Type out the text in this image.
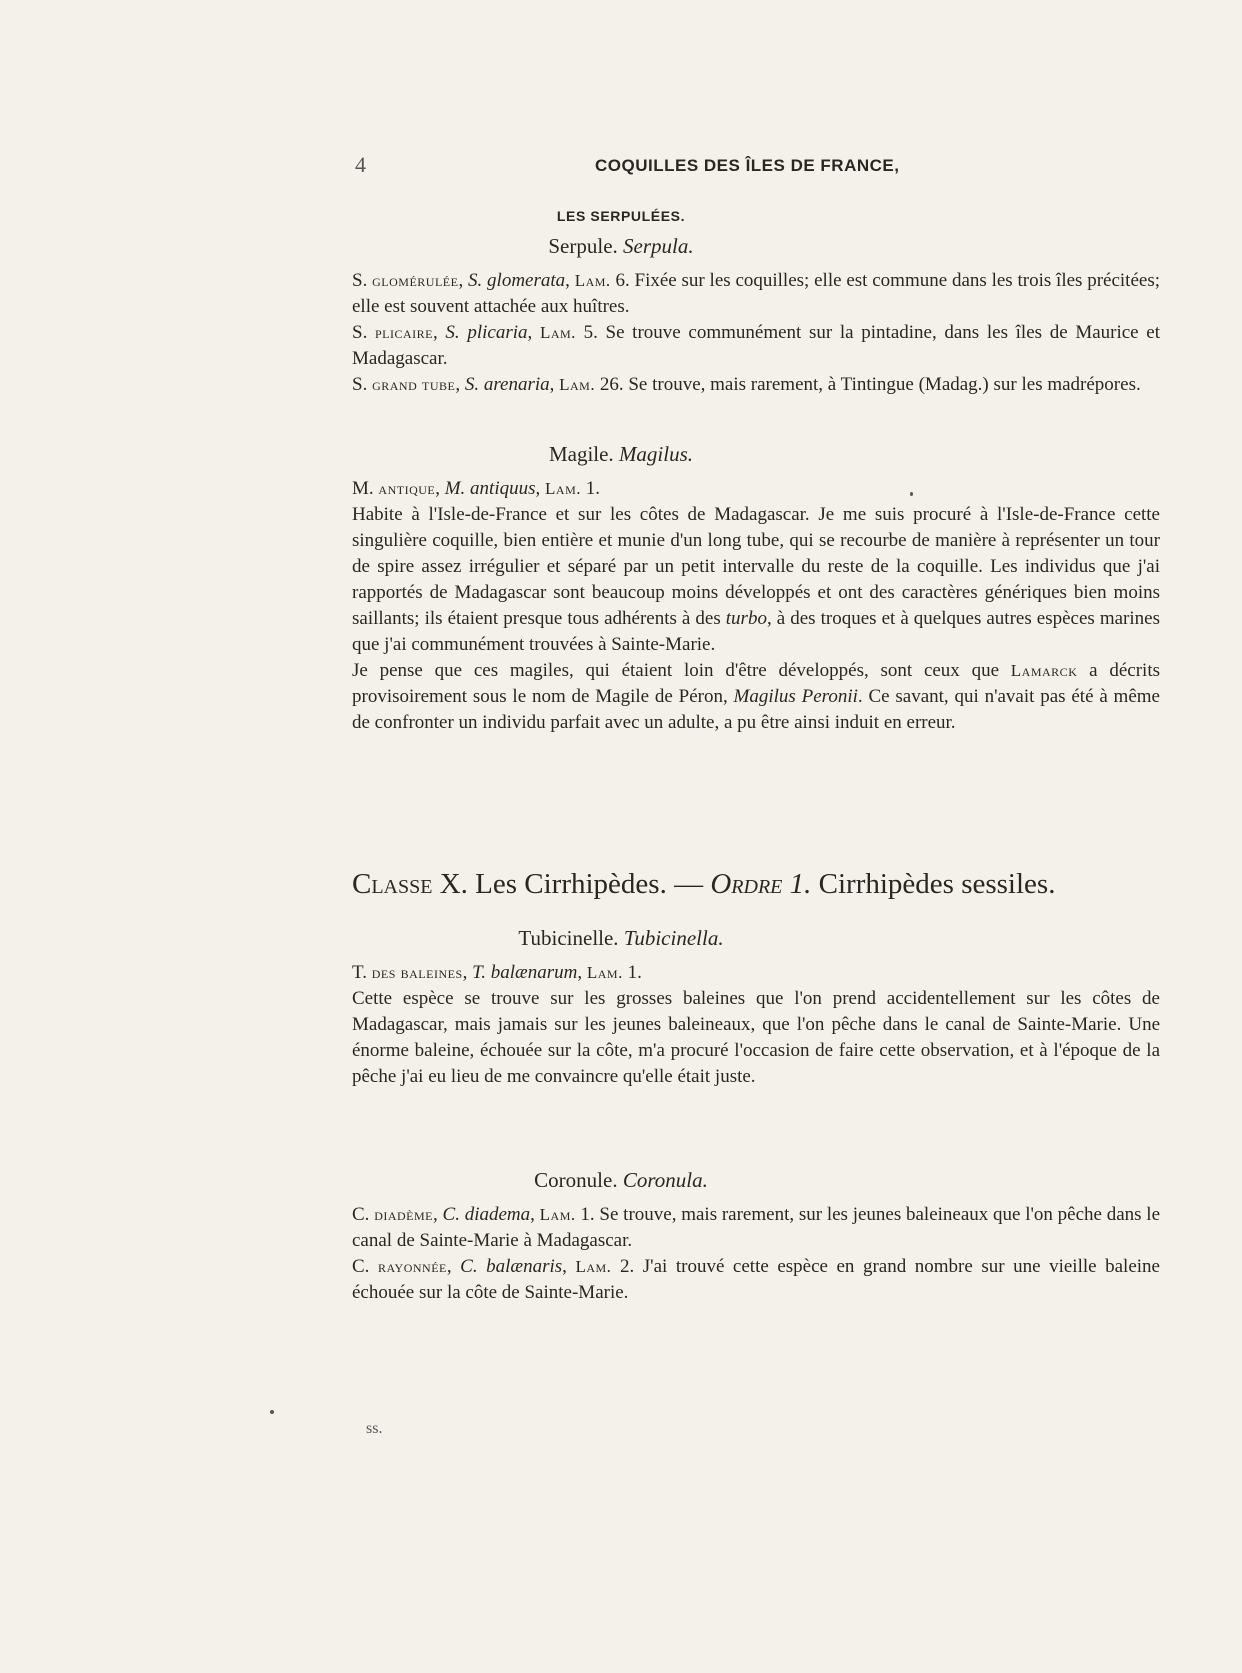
4	COQUILLES DES ÎLES DE FRANCE,
LES SERPULÉES.
Serpule. Serpula.

S. glomérulée, S. glomerata, Lam. 6. Fixée sur les coquilles; elle est commune dans les trois îles précitées; elle est souvent attachée aux huîtres.

S. plicaire, S. plicaria, Lam. 5. Se trouve communément sur la pintadine, dans les îles de Maurice et Madagascar.

S. grand tube, S. arenaria, Lam. 26. Se trouve, mais rarement, à Tintingue (Madag.) sur les madrépores.

Magile. Magilus.

M. antique, M. antiquus, Lam. 1.

Habite à l'Isle-de-France et sur les côtes de Madagascar. Je me suis procuré à l'Isle-de-France cette singulière coquille, bien entière et munie d'un long tube, qui se recourbe de manière à représenter un tour de spire assez irrégulier et séparé par un petit intervalle du reste de la coquille. Les individus que j'ai rapportés de Madagascar sont beaucoup moins développés et ont des caractères génériques bien moins saillants; ils étaient presque tous adhérents à des turbo, à des troques et à quelques autres espèces marines que j'ai communément trouvées à Sainte-Marie.

Je pense que ces magiles, qui étaient loin d'être développés, sont ceux que Lamarck a décrits provisoirement sous le nom de Magile de Péron, Magilus Peronii. Ce savant, qui n'avait pas été à même de confronter un individu parfait avec un adulte, a pu être ainsi induit en erreur.

Classe X. Les Cirrhipèdes. — Ordre 1. Cirrhipèdes sessiles.
Tubicinelle. Tubicinella.

T. des baleines, T. balænarum, Lam. 1.

Cette espèce se trouve sur les grosses baleines que l'on prend accidentellement sur les côtes de Madagascar, mais jamais sur les jeunes baleineaux, que l'on pêche dans le canal de Sainte-Marie. Une énorme baleine, échouée sur la côte, m'a procuré l'occasion de faire cette observation, et à l'époque de la pêche j'ai eu lieu de me convaincre qu'elle était juste.

Coronule. Coronula.

C. diadème, C. diadema, Lam. 1. Se trouve, mais rarement, sur les jeunes baleineaux que l'on pêche dans le canal de Sainte-Marie à Madagascar.

C. rayonnée, C. balænaris, Lam. 2. J'ai trouvé cette espèce en grand nombre sur une vieille baleine échouée sur la côte de Sainte-Marie.

ss.
